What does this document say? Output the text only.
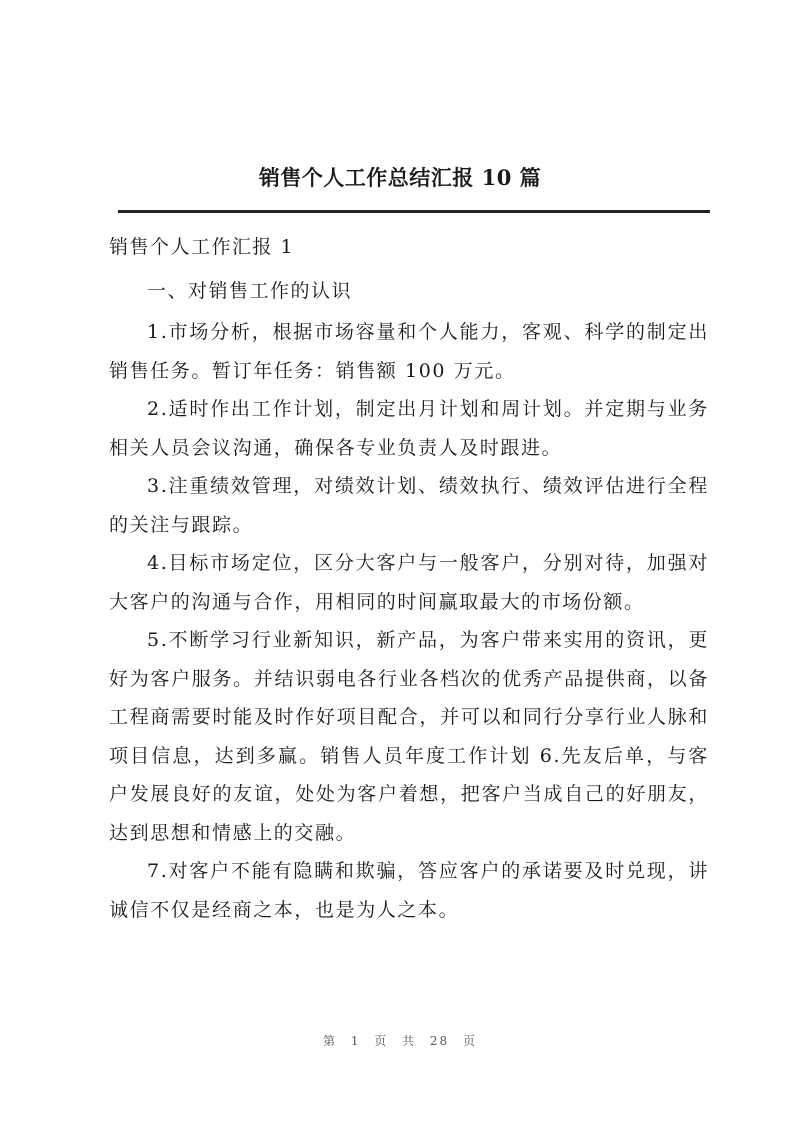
销售个人工作总结汇报 10 篇
销售个人工作汇报 1
一、对销售工作的认识

1.市场分析，根据市场容量和个人能力，客观、科学的制定出销售任务。暂订年任务：销售额 100 万元。

2.适时作出工作计划，制定出月计划和周计划。并定期与业务相关人员会议沟通，确保各专业负责人及时跟进。

3.注重绩效管理，对绩效计划、绩效执行、绩效评估进行全程的关注与跟踪。

4.目标市场定位，区分大客户与一般客户，分别对待，加强对大客户的沟通与合作，用相同的时间赢取最大的市场份额。

5.不断学习行业新知识，新产品，为客户带来实用的资讯，更好为客户服务。并结识弱电各行业各档次的优秀产品提供商，以备工程商需要时能及时作好项目配合，并可以和同行分享行业人脉和项目信息，达到多赢。销售人员年度工作计划 6.先友后单，与客户发展良好的友谊，处处为客户着想，把客户当成自己的好朋友，达到思想和情感上的交融。

7.对客户不能有隐瞒和欺骗，答应客户的承诺要及时兑现，讲诚信不仅是经商之本，也是为人之本。

第 1 页 共 28 页
